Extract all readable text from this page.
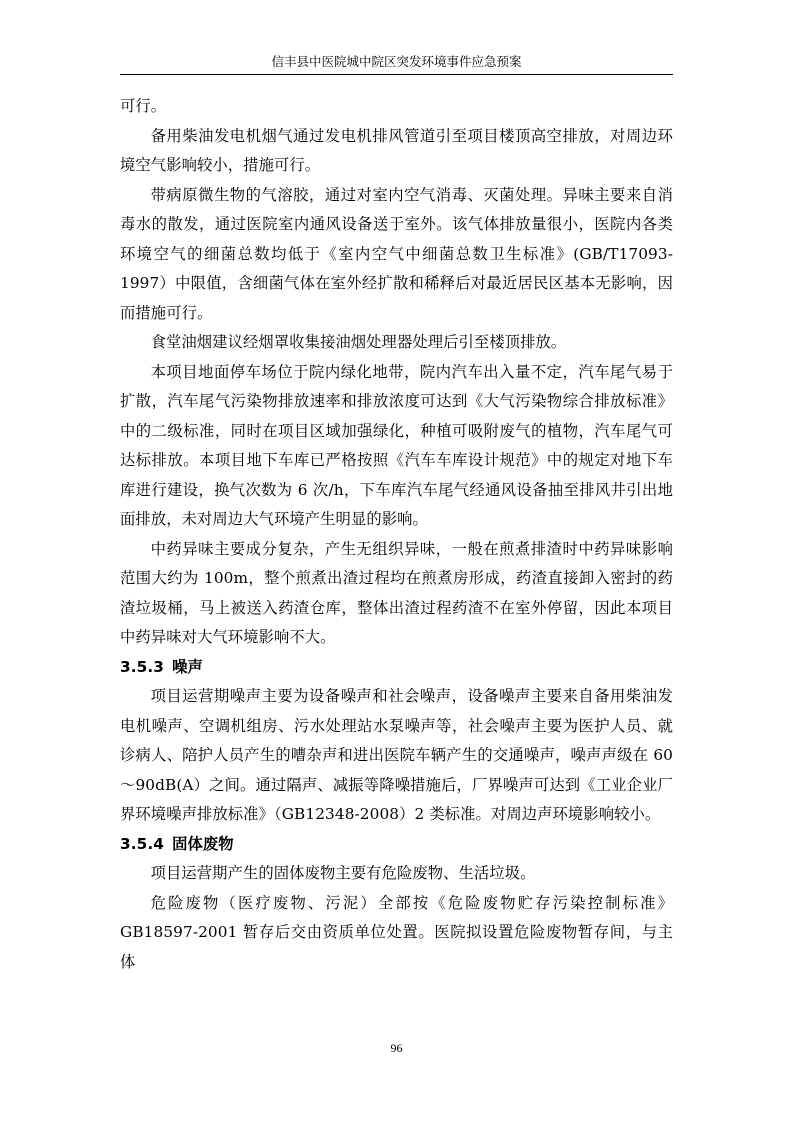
信丰县中医院城中院区突发环境事件应急预案

可行。

备用柴油发电机烟气通过发电机排风管道引至项目楼顶高空排放，对周边环境空气影响较小，措施可行。

带病原微生物的气溶胶，通过对室内空气消毒、灭菌处理。异味主要来自消毒水的散发，通过医院室内通风设备送于室外。该气体排放量很小，医院内各类环境空气的细菌总数均低于《室内空气中细菌总数卫生标准》(GB/T17093-1997）中限值，含细菌气体在室外经扩散和稀释后对最近居民区基本无影响，因而措施可行。

食堂油烟建议经烟罩收集接油烟处理器处理后引至楼顶排放。

本项目地面停车场位于院内绿化地带，院内汽车出入量不定，汽车尾气易于扩散，汽车尾气污染物排放速率和排放浓度可达到《大气污染物综合排放标准》中的二级标准，同时在项目区域加强绿化，种植可吸附废气的植物，汽车尾气可达标排放。本项目地下车库已严格按照《汽车车库设计规范》中的规定对地下车库进行建设，换气次数为 6 次/h，下车库汽车尾气经通风设备抽至排风井引出地面排放，未对周边大气环境产生明显的影响。

中药异味主要成分复杂，产生无组织异味，一般在煎煮排渣时中药异味影响范围大约为 100m，整个煎煮出渣过程均在煎煮房形成，药渣直接卸入密封的药渣垃圾桶，马上被送入药渣仓库，整体出渣过程药渣不在室外停留，因此本项目中药异味对大气环境影响不大。

3.5.3 噪声

项目运营期噪声主要为设备噪声和社会噪声，设备噪声主要来自备用柴油发电机噪声、空调机组房、污水处理站水泵噪声等，社会噪声主要为医护人员、就诊病人、陪护人员产生的嘈杂声和进出医院车辆产生的交通噪声，噪声声级在 60～90dB(A）之间。通过隔声、减振等降噪措施后，厂界噪声可达到《工业企业厂界环境噪声排放标准》（GB12348-2008）2 类标准。对周边声环境影响较小。

3.5.4 固体废物

项目运营期产生的固体废物主要有危险废物、生活垃圾。

危险废物（医疗废物、污泥）全部按《危险废物贮存污染控制标准》GB18597-2001 暂存后交由资质单位处置。医院拟设置危险废物暂存间，与主体

96
